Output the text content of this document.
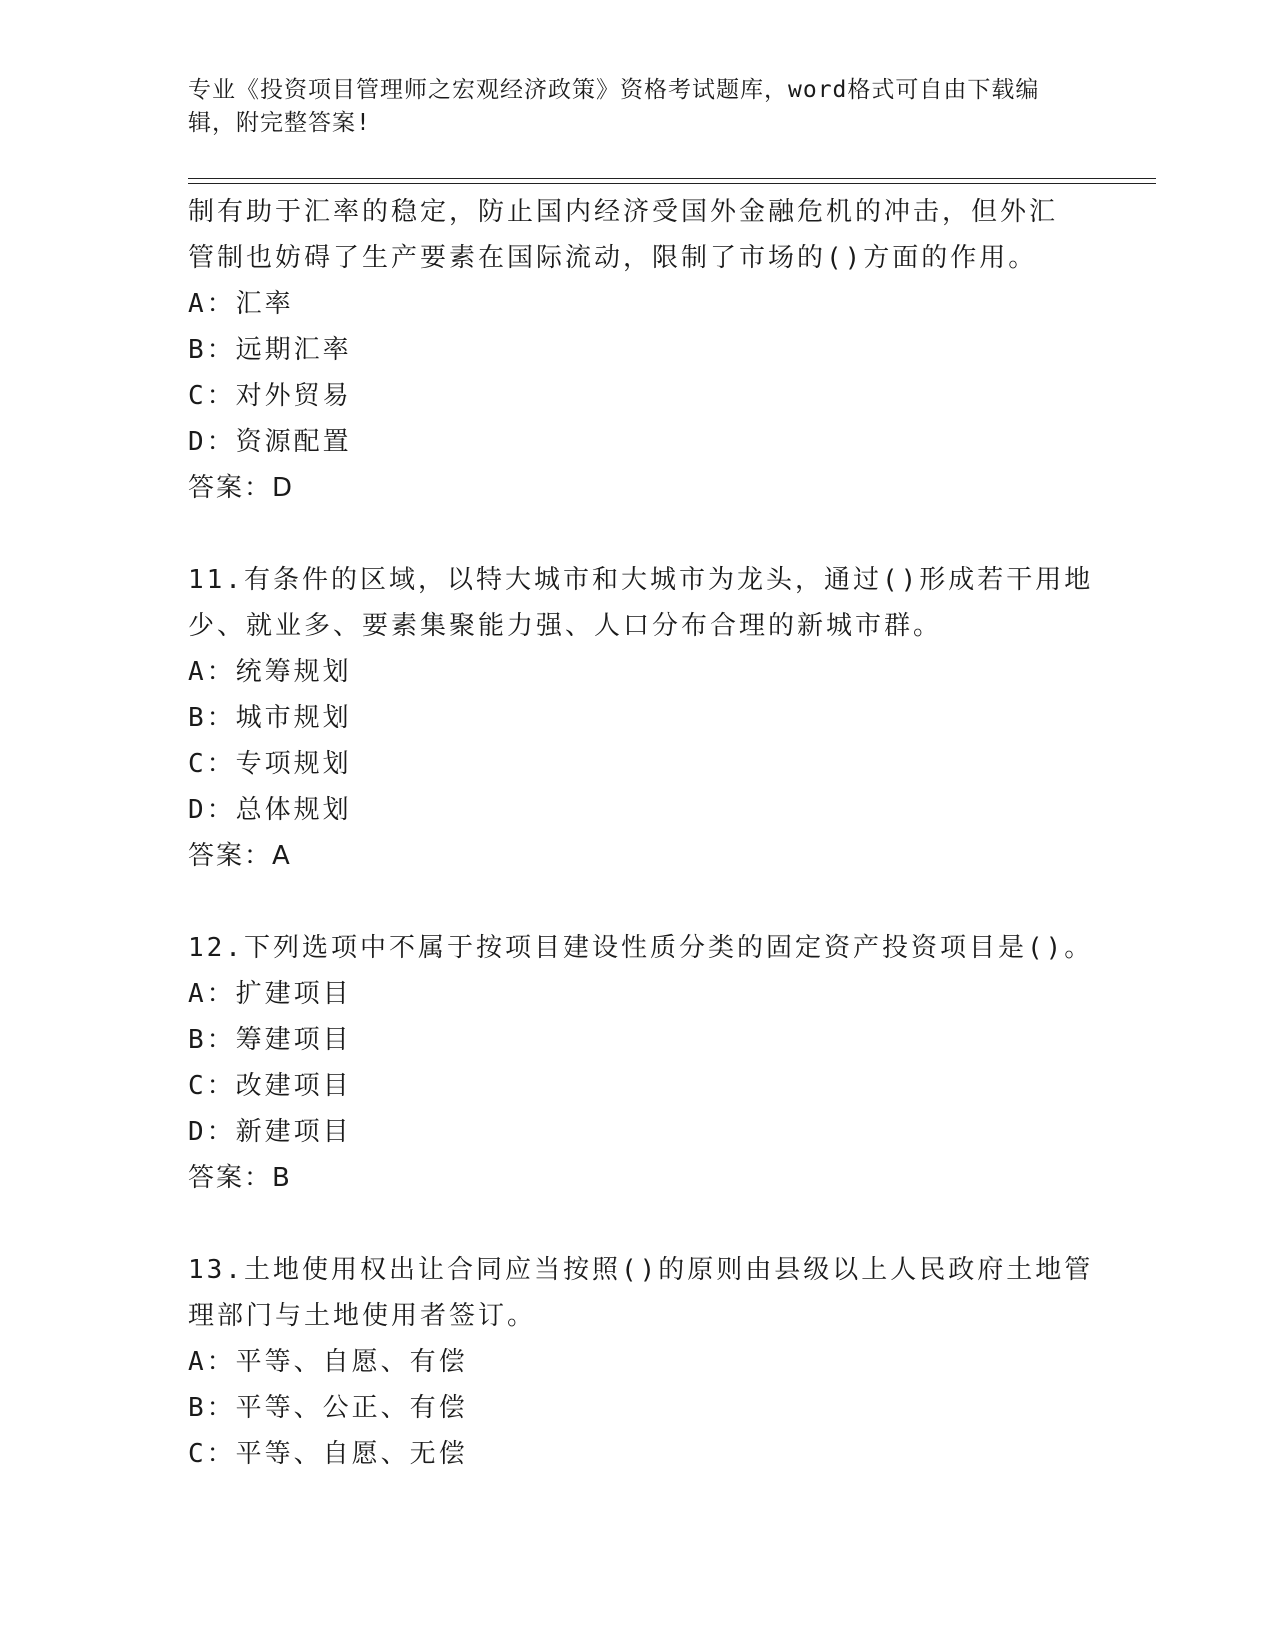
专业《投资项目管理师之宏观经济政策》资格考试题库，word格式可自由下载编
辑，附完整答案!
制有助于汇率的稳定，防止国内经济受国外金融危机的冲击，但外汇
管制也妨碍了生产要素在国际流动，限制了市场的()方面的作用。
A：汇率
B：远期汇率
C：对外贸易
D：资源配置
答案：D
11.有条件的区域，以特大城市和大城市为龙头，通过()形成若干用地
少、就业多、要素集聚能力强、人口分布合理的新城市群。
A：统筹规划
B：城市规划
C：专项规划
D：总体规划
答案：A
12.下列选项中不属于按项目建设性质分类的固定资产投资项目是()。
A：扩建项目
B：筹建项目
C：改建项目
D：新建项目
答案：B
13.土地使用权出让合同应当按照()的原则由县级以上人民政府土地管
理部门与土地使用者签订。
A：平等、自愿、有偿
B：平等、公正、有偿
C：平等、自愿、无偿
